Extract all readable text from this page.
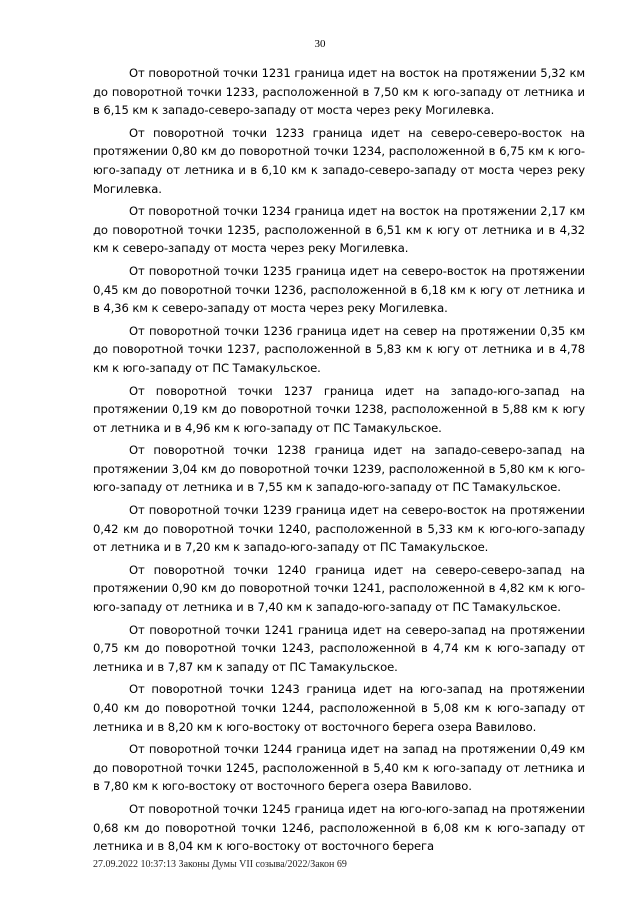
30

От поворотной точки 1231 граница идет на восток на протяжении 5,32 км до поворотной точки 1233, расположенной в 7,50 км к юго-западу от летника и в 6,15 км к западо-северо-западу от моста через реку Могилевка.

От поворотной точки 1233 граница идет на северо-северо-восток на протяжении 0,80 км до поворотной точки 1234, расположенной в 6,75 км к юго-юго-западу от летника и в 6,10 км к западо-северо-западу от моста через реку Могилевка.

От поворотной точки 1234 граница идет на восток на протяжении 2,17 км до поворотной точки 1235, расположенной в 6,51 км к югу от летника и в 4,32 км к северо-западу от моста через реку Могилевка.

От поворотной точки 1235 граница идет на северо-восток на протяжении 0,45 км до поворотной точки 1236, расположенной в 6,18 км к югу от летника и в 4,36 км к северо-западу от моста через реку Могилевка.

От поворотной точки 1236 граница идет на север на протяжении 0,35 км до поворотной точки 1237, расположенной в 5,83 км к югу от летника и в 4,78 км к юго-западу от ПС Тамакульское.

От поворотной точки 1237 граница идет на западо-юго-запад на протяжении 0,19 км до поворотной точки 1238, расположенной в 5,88 км к югу от летника и в 4,96 км к юго-западу от ПС Тамакульское.

От поворотной точки 1238 граница идет на западо-северо-запад на протяжении 3,04 км до поворотной точки 1239, расположенной в 5,80 км к юго-юго-западу от летника и в 7,55 км к западо-юго-западу от ПС Тамакульское.

От поворотной точки 1239 граница идет на северо-восток на протяжении 0,42 км до поворотной точки 1240, расположенной в 5,33 км к юго-юго-западу от летника и в 7,20 км к западо-юго-западу от ПС Тамакульское.

От поворотной точки 1240 граница идет на северо-северо-запад на протяжении 0,90 км до поворотной точки 1241, расположенной в 4,82 км к юго-юго-западу от летника и в 7,40 км к западо-юго-западу от ПС Тамакульское.

От поворотной точки 1241 граница идет на северо-запад на протяжении 0,75 км до поворотной точки 1243, расположенной в 4,74 км к юго-западу от летника и в 7,87 км к западу от ПС Тамакульское.

От поворотной точки 1243 граница идет на юго-запад на протяжении 0,40 км до поворотной точки 1244, расположенной в 5,08 км к юго-западу от летника и в 8,20 км к юго-востоку от восточного берега озера Вавилово.

От поворотной точки 1244 граница идет на запад на протяжении 0,49 км до поворотной точки 1245, расположенной в 5,40 км к юго-западу от летника и в 7,80 км к юго-востоку от восточного берега озера Вавилово.

От поворотной точки 1245 граница идет на юго-юго-запад на протяжении 0,68 км до поворотной точки 1246, расположенной в 6,08 км к юго-западу от летника и в 8,04 км к юго-востоку от восточного берега

27.09.2022 10:37:13 Законы Думы VII созыва/2022/Закон 69
